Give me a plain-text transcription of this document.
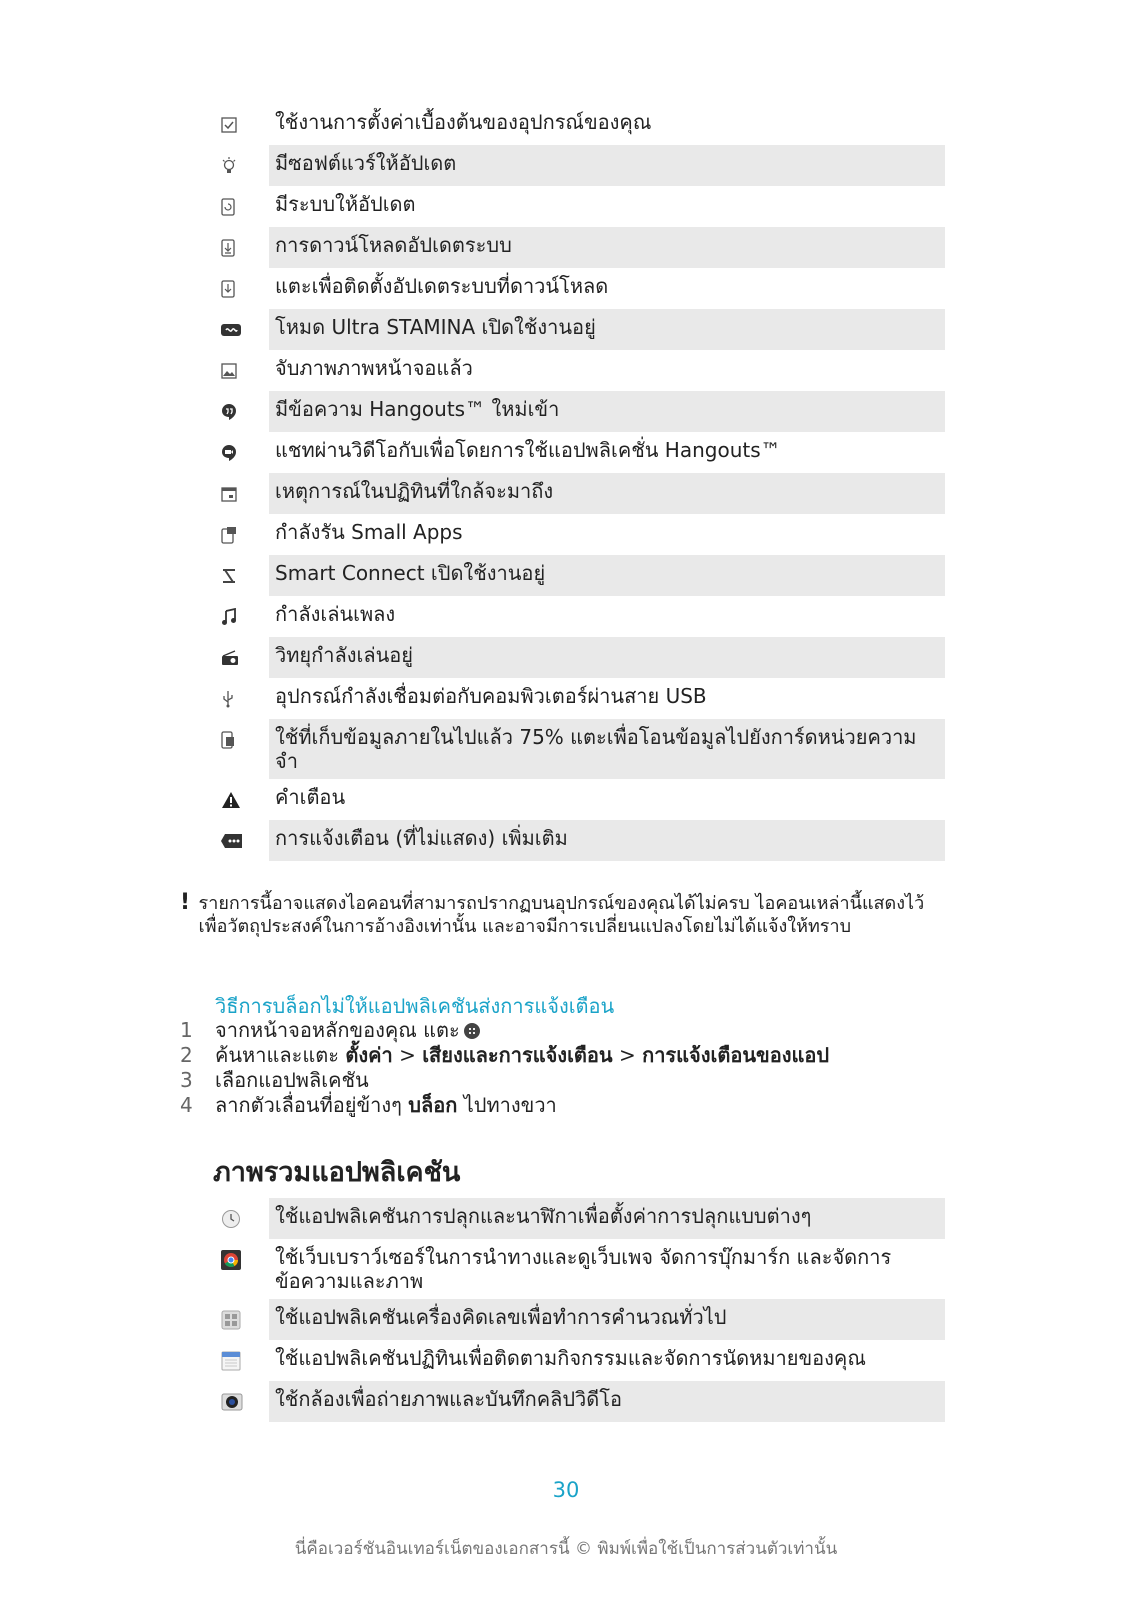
ใช้งานการตั้งค่าเบื้องต้นของอุปกรณ์ของคุณ
มีซอฟต์แวร์ให้อัปเดต
มีระบบให้อัปเดต
การดาวน์โหลดอัปเดตระบบ
แตะเพื่อติดตั้งอัปเดตระบบที่ดาวน์โหลด
โหมด Ultra STAMINA เปิดใช้งานอยู่
จับภาพภาพหน้าจอแล้ว
มีข้อความ Hangouts™ ใหม่เข้า
แชทผ่านวิดีโอกับเพื่อโดยการใช้แอปพลิเคชั่น Hangouts™
เหตุการณ์ในปฏิทินที่ใกล้จะมาถึง
กำลังรัน Small Apps
Smart Connect เปิดใช้งานอยู่
กำลังเล่นเพลง
วิทยุกำลังเล่นอยู่
อุปกรณ์กำลังเชื่อมต่อกับคอมพิวเตอร์ผ่านสาย USB
ใช้ที่เก็บข้อมูลภายในไปแล้ว 75% แตะเพื่อโอนข้อมูลไปยังการ์ดหน่วยความจำ
คำเตือน
การแจ้งเตือน (ที่ไม่แสดง) เพิ่มเติม
! รายการนี้อาจแสดงไอคอนที่สามารถปรากฏบนอุปกรณ์ของคุณได้ไม่ครบ ไอคอนเหล่านี้แสดงไว้เพื่อวัตถุประสงค์ในการอ้างอิงเท่านั้น และอาจมีการเปลี่ยนแปลงโดยไม่ได้แจ้งให้ทราบ
วิธีการบล็อกไม่ให้แอปพลิเคชันส่งการแจ้งเตือน
1	จากหน้าจอหลักของคุณ แตะ
2	ค้นหาและแตะ ตั้งค่า > เสียงและการแจ้งเตือน > การแจ้งเตือนของแอป
3	เลือกแอปพลิเคชัน
4	ลากตัวเลื่อนที่อยู่ข้างๆ บล็อก ไปทางขวา
ภาพรวมแอปพลิเคชัน
ใช้แอปพลิเคชันการปลุกและนาฬิกาเพื่อตั้งค่าการปลุกแบบต่างๆ
ใช้เว็บเบราว์เซอร์ในการนำทางและดูเว็บเพจ จัดการบุ๊กมาร์ก และจัดการข้อความและภาพ
ใช้แอปพลิเคชันเครื่องคิดเลขเพื่อทำการคำนวณทั่วไป
ใช้แอปพลิเคชันปฏิทินเพื่อติดตามกิจกรรมและจัดการนัดหมายของคุณ
ใช้กล้องเพื่อถ่ายภาพและบันทึกคลิปวิดีโอ
30
นี่คือเวอร์ชันอินเทอร์เน็ตของเอกสารนี้ © พิมพ์เพื่อใช้เป็นการส่วนตัวเท่านั้น
